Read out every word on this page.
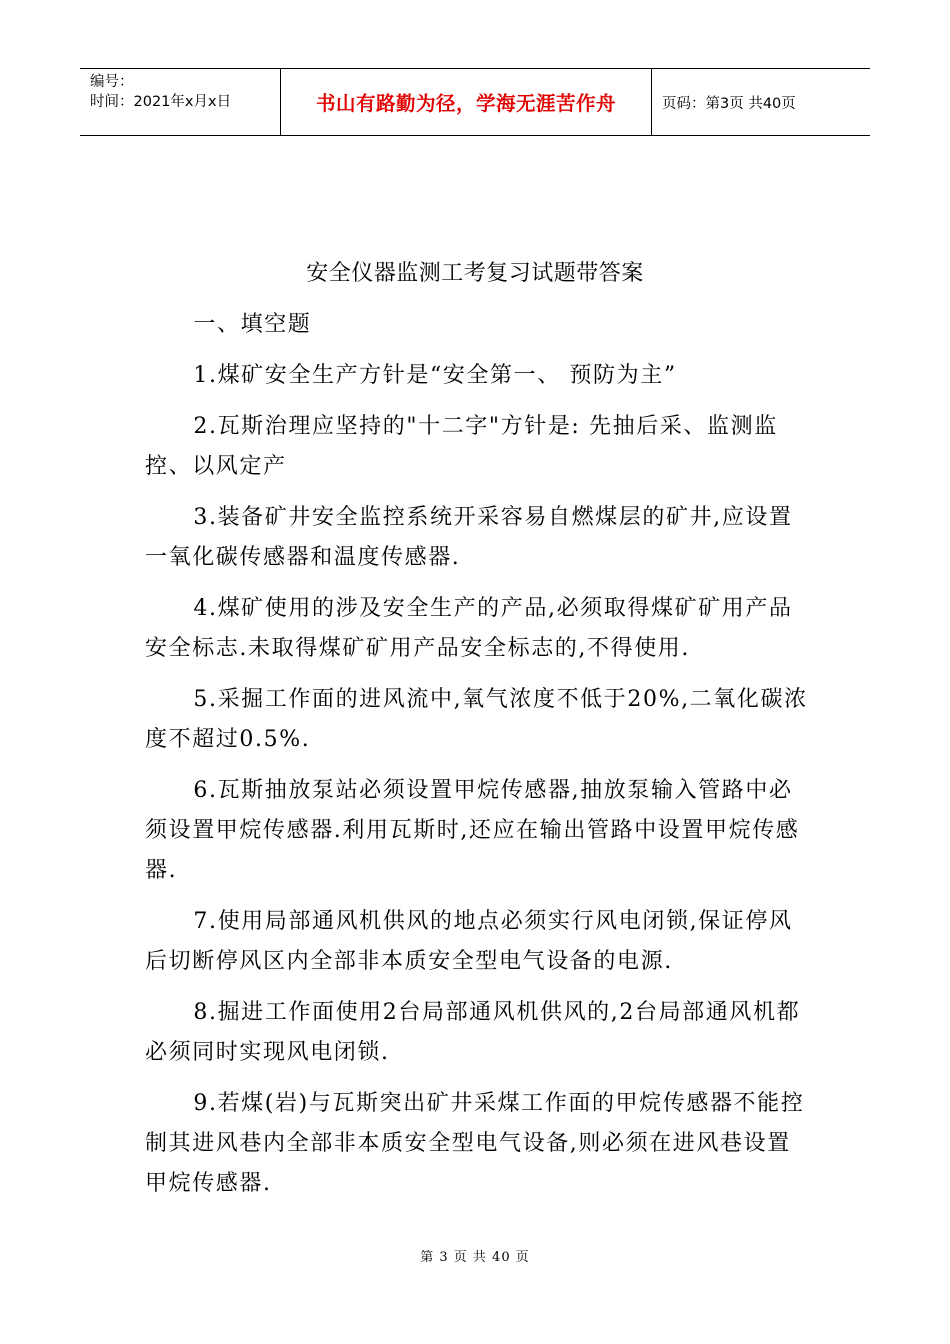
编号：
时间：2021年x月x日	书山有路勤为径，学海无涯苦作舟	页码：第3页 共40页
安全仪器监测工考复习试题带答案

一、填空题

1.煤矿安全生产方针是“安全第一、 预防为主”

2.瓦斯治理应坚持的"十二字"方针是: 先抽后采、监测监控、以风定产

3.装备矿井安全监控系统开采容易自燃煤层的矿井,应设置一氧化碳传感器和温度传感器.

4.煤矿使用的涉及安全生产的产品,必须取得煤矿矿用产品安全标志.未取得煤矿矿用产品安全标志的,不得使用.

5.采掘工作面的进风流中,氧气浓度不低于20%,二氧化碳浓度不超过0.5%.

6.瓦斯抽放泵站必须设置甲烷传感器,抽放泵输入管路中必须设置甲烷传感器.利用瓦斯时,还应在输出管路中设置甲烷传感器.

7.使用局部通风机供风的地点必须实行风电闭锁,保证停风后切断停风区内全部非本质安全型电气设备的电源.

8.掘进工作面使用2台局部通风机供风的,2台局部通风机都必须同时实现风电闭锁.

9.若煤(岩)与瓦斯突出矿井采煤工作面的甲烷传感器不能控制其进风巷内全部非本质安全型电气设备,则必须在进风巷设置甲烷传感器.

第 3 页 共 40 页
